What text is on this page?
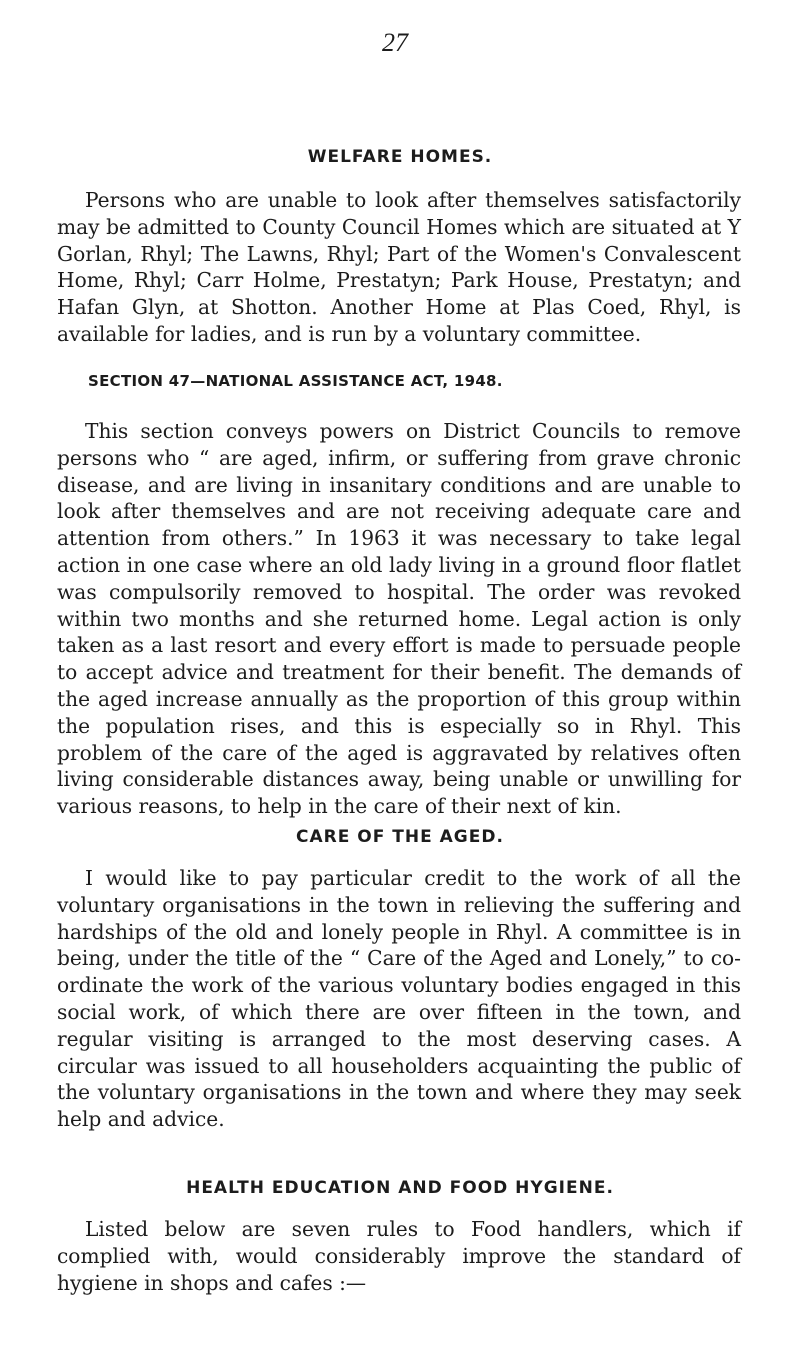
27
WELFARE HOMES.

Persons who are unable to look after themselves satisfactorily may be admitted to County Council Homes which are situated at Y Gorlan, Rhyl; The Lawns, Rhyl; Part of the Women's Convalescent Home, Rhyl; Carr Holme, Prestatyn; Park House, Prestatyn; and Hafan Glyn, at Shotton. Another Home at Plas Coed, Rhyl, is available for ladies, and is run by a voluntary committee.

SECTION 47—NATIONAL ASSISTANCE ACT, 1948.

This section conveys powers on District Councils to remove persons who “ are aged, infirm, or suffering from grave chronic disease, and are living in insanitary conditions and are unable to look after themselves and are not receiving adequate care and attention from others.” In 1963 it was necessary to take legal action in one case where an old lady living in a ground floor flatlet was compulsorily removed to hospital. The order was revoked within two months and she returned home. Legal action is only taken as a last resort and every effort is made to persuade people to accept advice and treatment for their benefit. The demands of the aged increase annually as the proportion of this group within the population rises, and this is especially so in Rhyl. This problem of the care of the aged is aggravated by relatives often living considerable distances away, being unable or unwilling for various reasons, to help in the care of their next of kin.

CARE OF THE AGED.

I would like to pay particular credit to the work of all the voluntary organisations in the town in relieving the suffering and hardships of the old and lonely people in Rhyl. A committee is in being, under the title of the “ Care of the Aged and Lonely,” to co-ordinate the work of the various voluntary bodies engaged in this social work, of which there are over fifteen in the town, and regular visiting is arranged to the most deserving cases. A circular was issued to all householders acquainting the public of the voluntary organisations in the town and where they may seek help and advice.

HEALTH EDUCATION AND FOOD HYGIENE.

Listed below are seven rules to Food handlers, which if complied with, would considerably improve the standard of hygiene in shops and cafes :—
